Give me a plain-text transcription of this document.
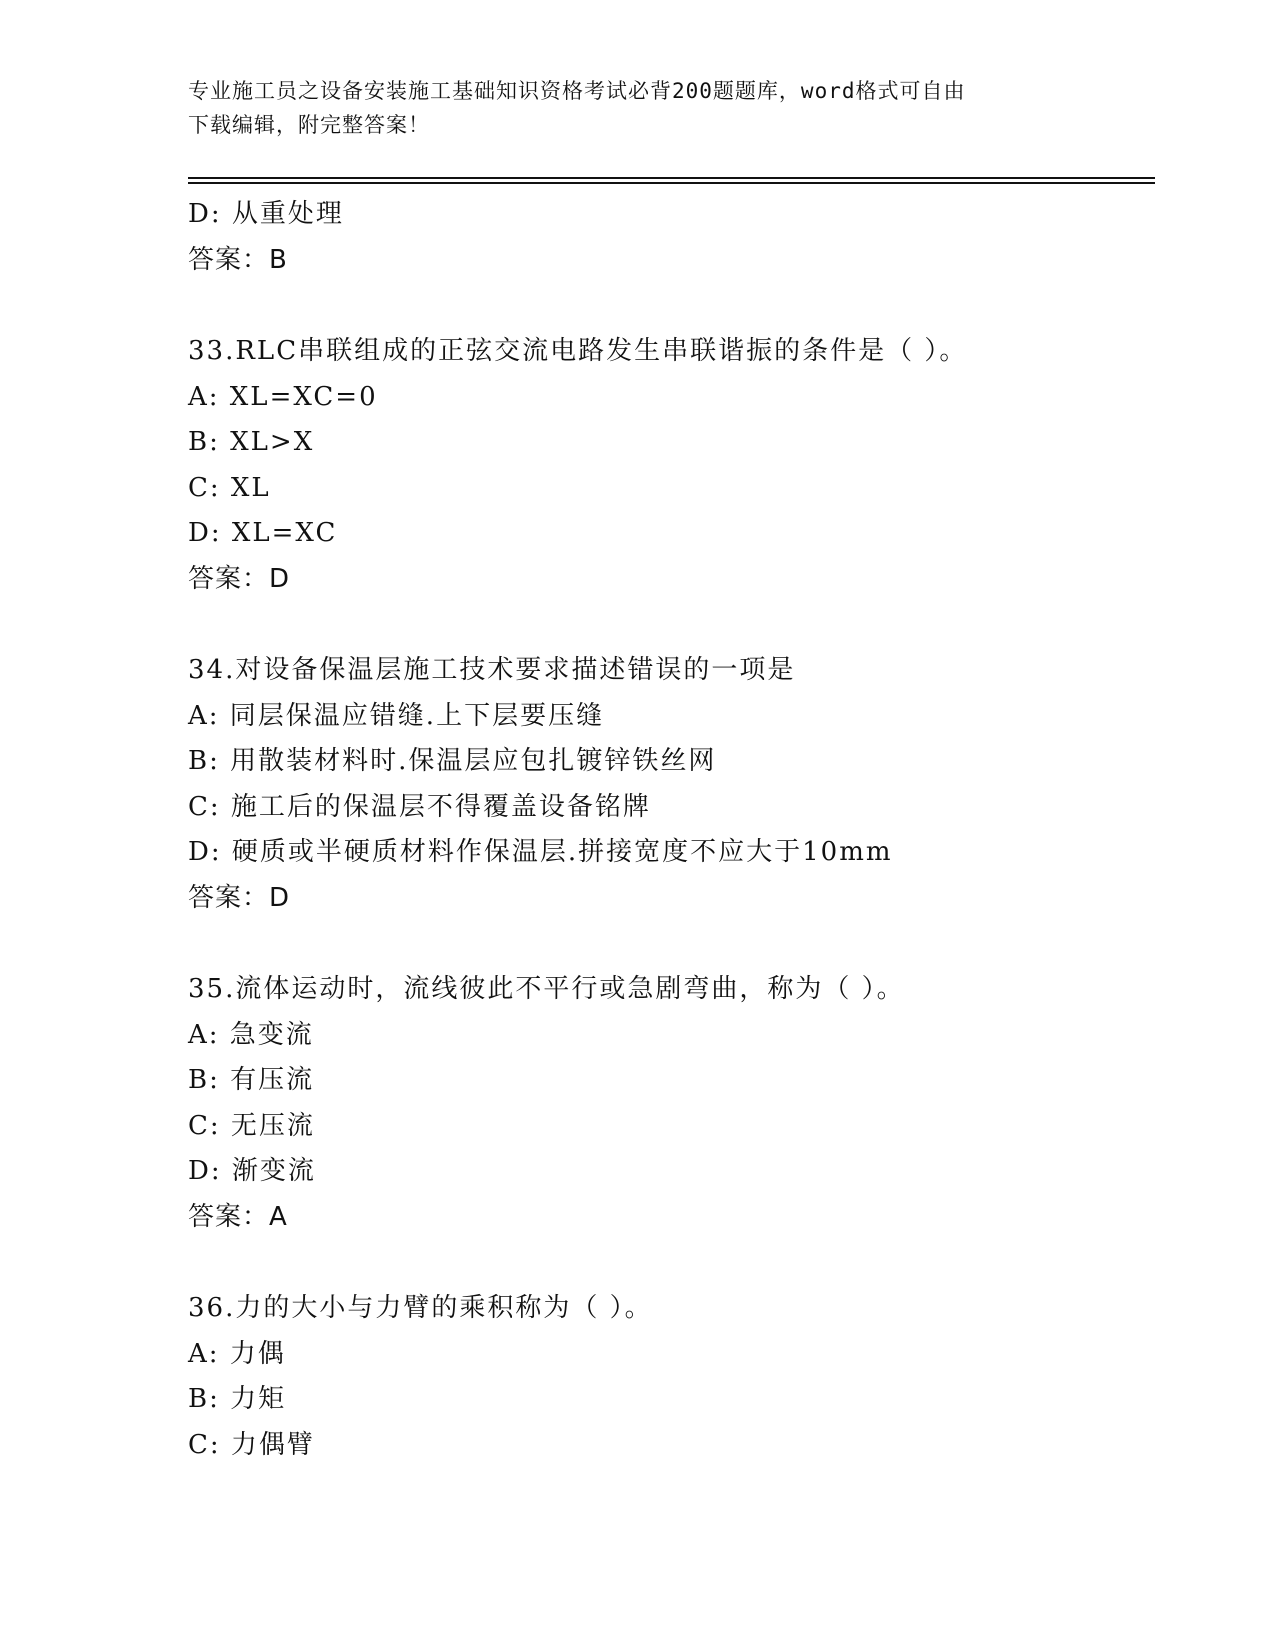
专业施工员之设备安装施工基础知识资格考试必背200题题库，word格式可自由
下载编辑，附完整答案！
D: 从重处理
答案：B
33.RLC串联组成的正弦交流电路发生串联谐振的条件是（ ）。
A: XL=XC=0
B: XL>X
C: XL
D: XL=XC
答案：D
34.对设备保温层施工技术要求描述错误的一项是
A: 同层保温应错缝.上下层要压缝
B: 用散装材料时.保温层应包扎镀锌铁丝网
C: 施工后的保温层不得覆盖设备铭牌
D: 硬质或半硬质材料作保温层.拼接宽度不应大于10mm
答案：D
35.流体运动时，流线彼此不平行或急剧弯曲，称为（ ）。
A: 急变流
B: 有压流
C: 无压流
D: 渐变流
答案：A
36.力的大小与力臂的乘积称为（ ）。
A: 力偶
B: 力矩
C: 力偶臂
